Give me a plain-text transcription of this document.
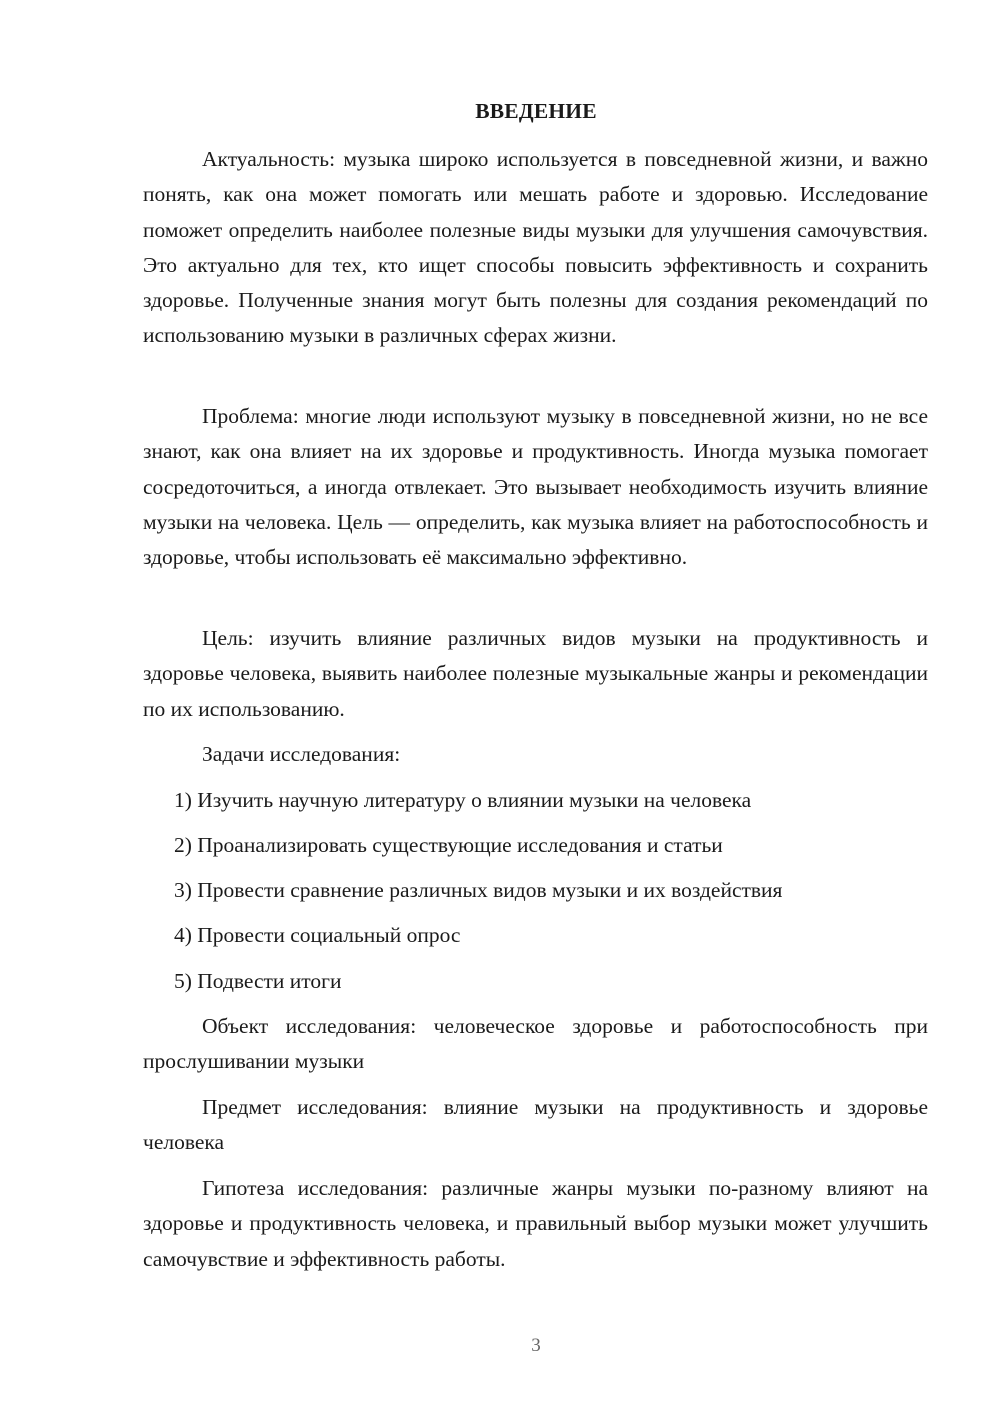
ВВЕДЕНИЕ

Актуальность: музыка широко используется в повседневной жизни, и важно понять, как она может помогать или мешать работе и здоровью. Исследование поможет определить наиболее полезные виды музыки для улучшения самочувствия. Это актуально для тех, кто ищет способы повысить эффективность и сохранить здоровье. Полученные знания могут быть полезны для создания рекомендаций по использованию музыки в различных сферах жизни.

Проблема: многие люди используют музыку в повседневной жизни, но не все знают, как она влияет на их здоровье и продуктивность. Иногда музыка помогает сосредоточиться, а иногда отвлекает. Это вызывает необходимость изучить влияние музыки на человека. Цель — определить, как музыка влияет на работоспособность и здоровье, чтобы использовать её максимально эффективно.

Цель: изучить влияние различных видов музыки на продуктивность и здоровье человека, выявить наиболее полезные музыкальные жанры и рекомендации по их использованию.

Задачи исследования:

1) Изучить научную литературу о влиянии музыки на человека

2) Проанализировать существующие исследования и статьи

3) Провести сравнение различных видов музыки и их воздействия

4) Провести социальный опрос

5) Подвести итоги

Объект исследования: человеческое здоровье и работоспособность при прослушивании музыки

Предмет исследования: влияние музыки на продуктивность и здоровье человека

Гипотеза исследования: различные жанры музыки по-разному влияют на здоровье и продуктивность человека, и правильный выбор музыки может улучшить самочувствие и эффективность работы.

3
